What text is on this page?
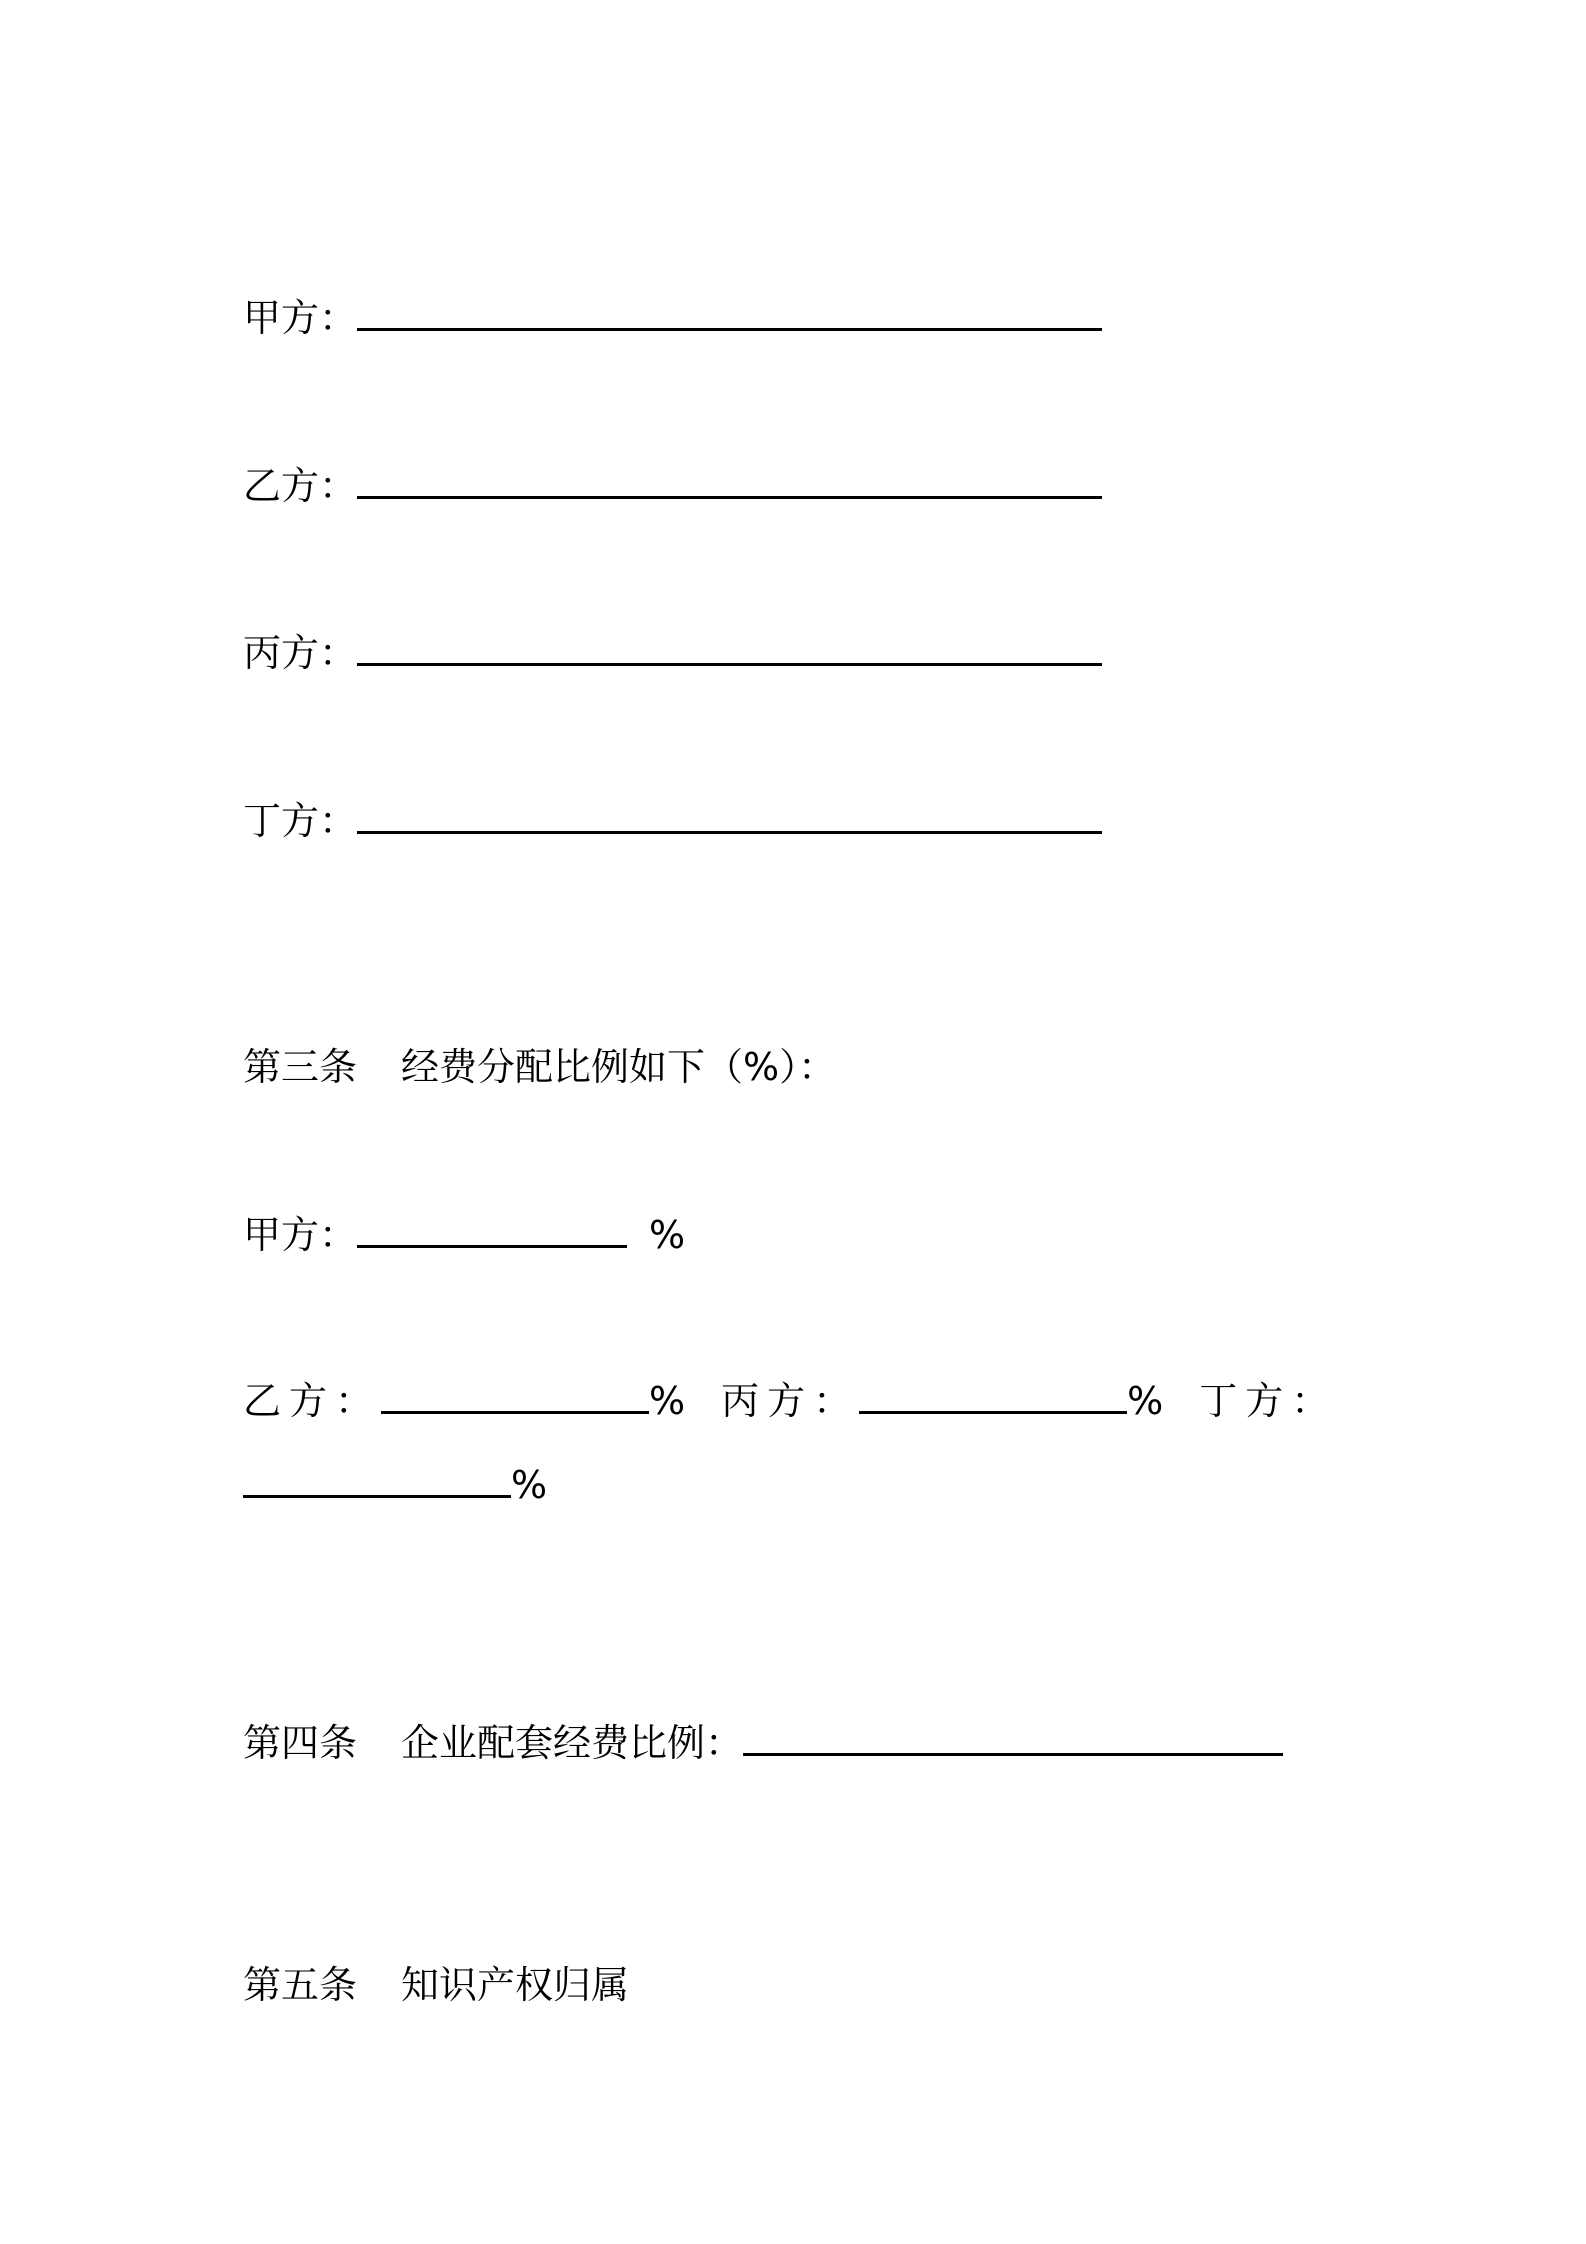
甲方：
乙方：
丙方：
丁方：
第三条 经费分配比例如下（%）：
甲方：	%
乙方：	% 丙方：	% 丁方：
%
第四条 企业配套经费比例：
第五条 知识产权归属
